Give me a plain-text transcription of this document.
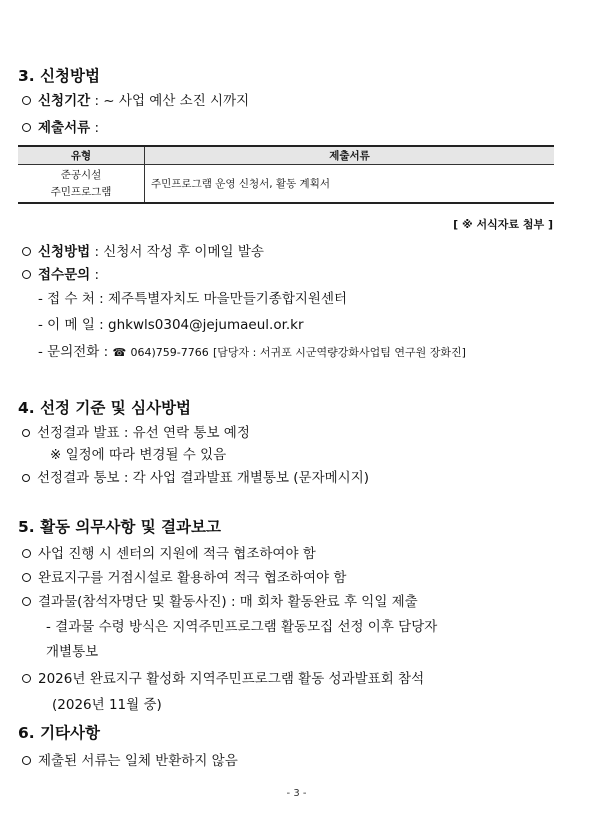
3. 신청방법
신청기간 : ~ 사업 예산 소진 시까지
제출서류 :
유형	제출서류

준공시설
주민프로그램	주민프로그램 운영 신청서, 활동 계획서
[ ※ 서식자료 첨부 ]
신청방법 : 신청서 작성 후 이메일 발송
접수문의 :
- 접 수 처 : 제주특별자치도 마을만들기종합지원센터
- 이 메 일 : ghkwls0304@jejumaeul.or.kr
- 문의전화 : ☎ 064)759-7766 [담당자 : 서귀포 시군역량강화사업팀 연구원 장화진]
4. 선정 기준 및 심사방법
선정결과 발표 : 유선 연락 통보 예정
※ 일정에 따라 변경될 수 있음
선정결과 통보 : 각 사업 결과발표 개별통보 (문자메시지)
5. 활동 의무사항 및 결과보고
사업 진행 시 센터의 지원에 적극 협조하여야 함
완료지구를 거점시설로 활용하여 적극 협조하여야 함
결과물(참석자명단 및 활동사진) : 매 회차 활동완료 후 익일 제출
- 결과물 수령 방식은 지역주민프로그램 활동모집 선정 이후 담당자
개별통보
2026년 완료지구 활성화 지역주민프로그램 활동 성과발표회 참석
(2026년 11월 중)
6. 기타사항
제출된 서류는 일체 반환하지 않음
- 3 -
